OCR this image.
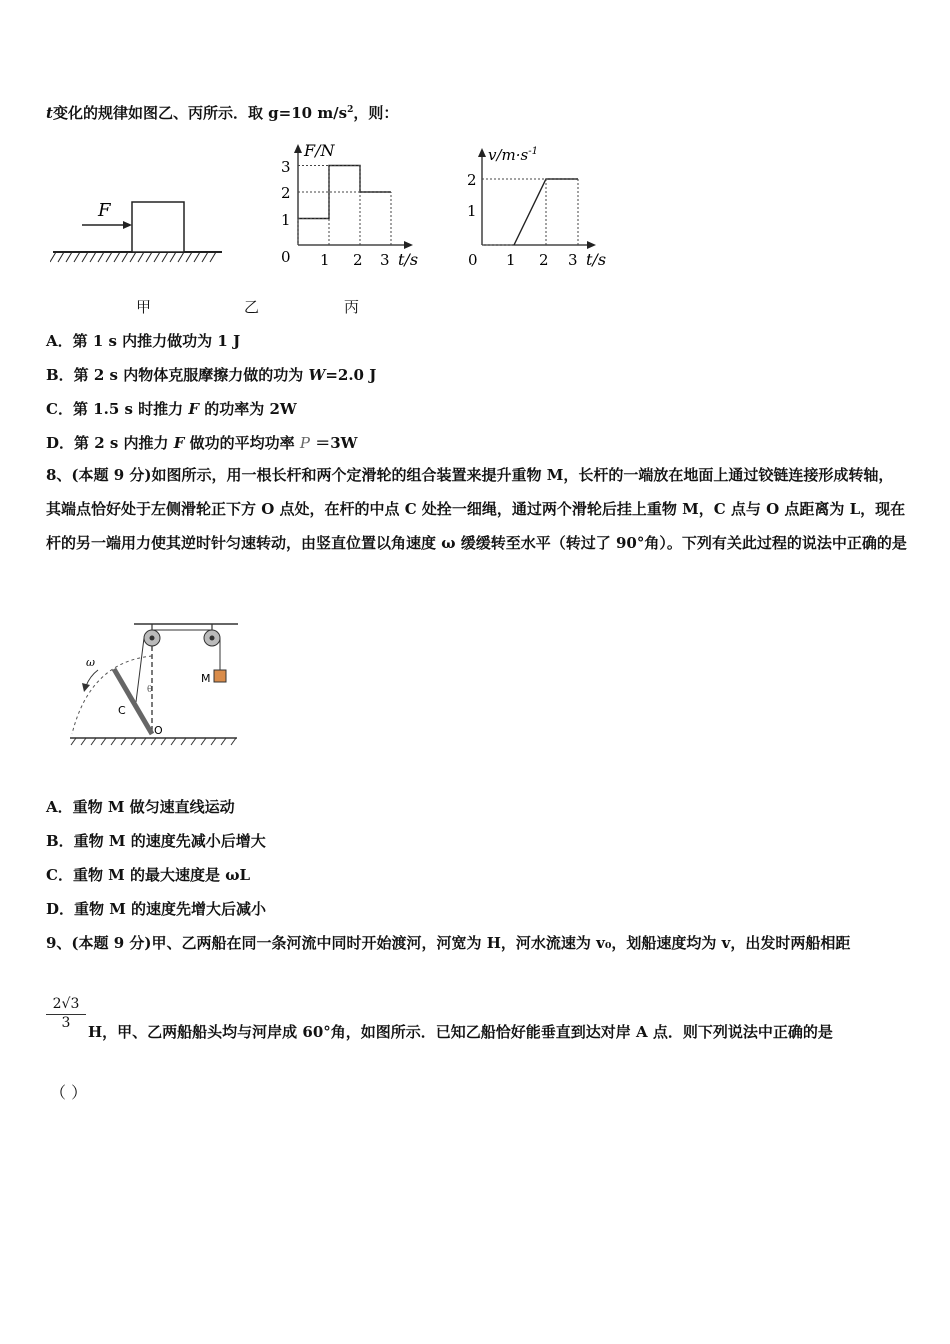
t变化的规律如图乙、丙所示．取 g=10 $m/s^2$，则：
F
F/N
t/s
3
2
1
0 1 2 3
$v/m\cdot s^{-1}$
t/s
2
1
0 1 2 3
甲	乙	丙
A．第 1 s 内推力做功为 1 J
B．第 2 s 内物体克服摩擦力做的功为 W=2.0 J
C．第 1.5 s 时推力 F 的功率为 2W
D．第 2 s 内推力 F 做功的平均功率 P ＝3W
8、(本题 9 分)如图所示，用一根长杆和两个定滑轮的组合装置来提升重物 M，长杆的一端放在地面上通过铰链连接形成转轴，其端点恰好处于左侧滑轮正下方 O 点处，在杆的中点 C 处拴一细绳，通过两个滑轮后挂上重物 M，C 点与 O 点距离为 L，现在杆的另一端用力使其逆时针匀速转动，由竖直位置以角速度 ω 缓缓转至水平（转过了 90°角）。下列有关此过程的说法中正确的是
M
ω
C
O
θ
A．重物 M 做匀速直线运动
B．重物 M 的速度先减小后增大
C．重物 M 的最大速度是 ωL
D．重物 M 的速度先增大后减小
9、(本题 9 分)甲、乙两船在同一条河流中同时开始渡河，河宽为 H，河水流速为 v₀，划船速度均为 v，出发时两船相距
$\frac{2√3}{3}$
H，甲、乙两船船头均与河岸成 60°角，如图所示．已知乙船恰好能垂直到达对岸 A 点．则下列说法中正确的是
（ ）
